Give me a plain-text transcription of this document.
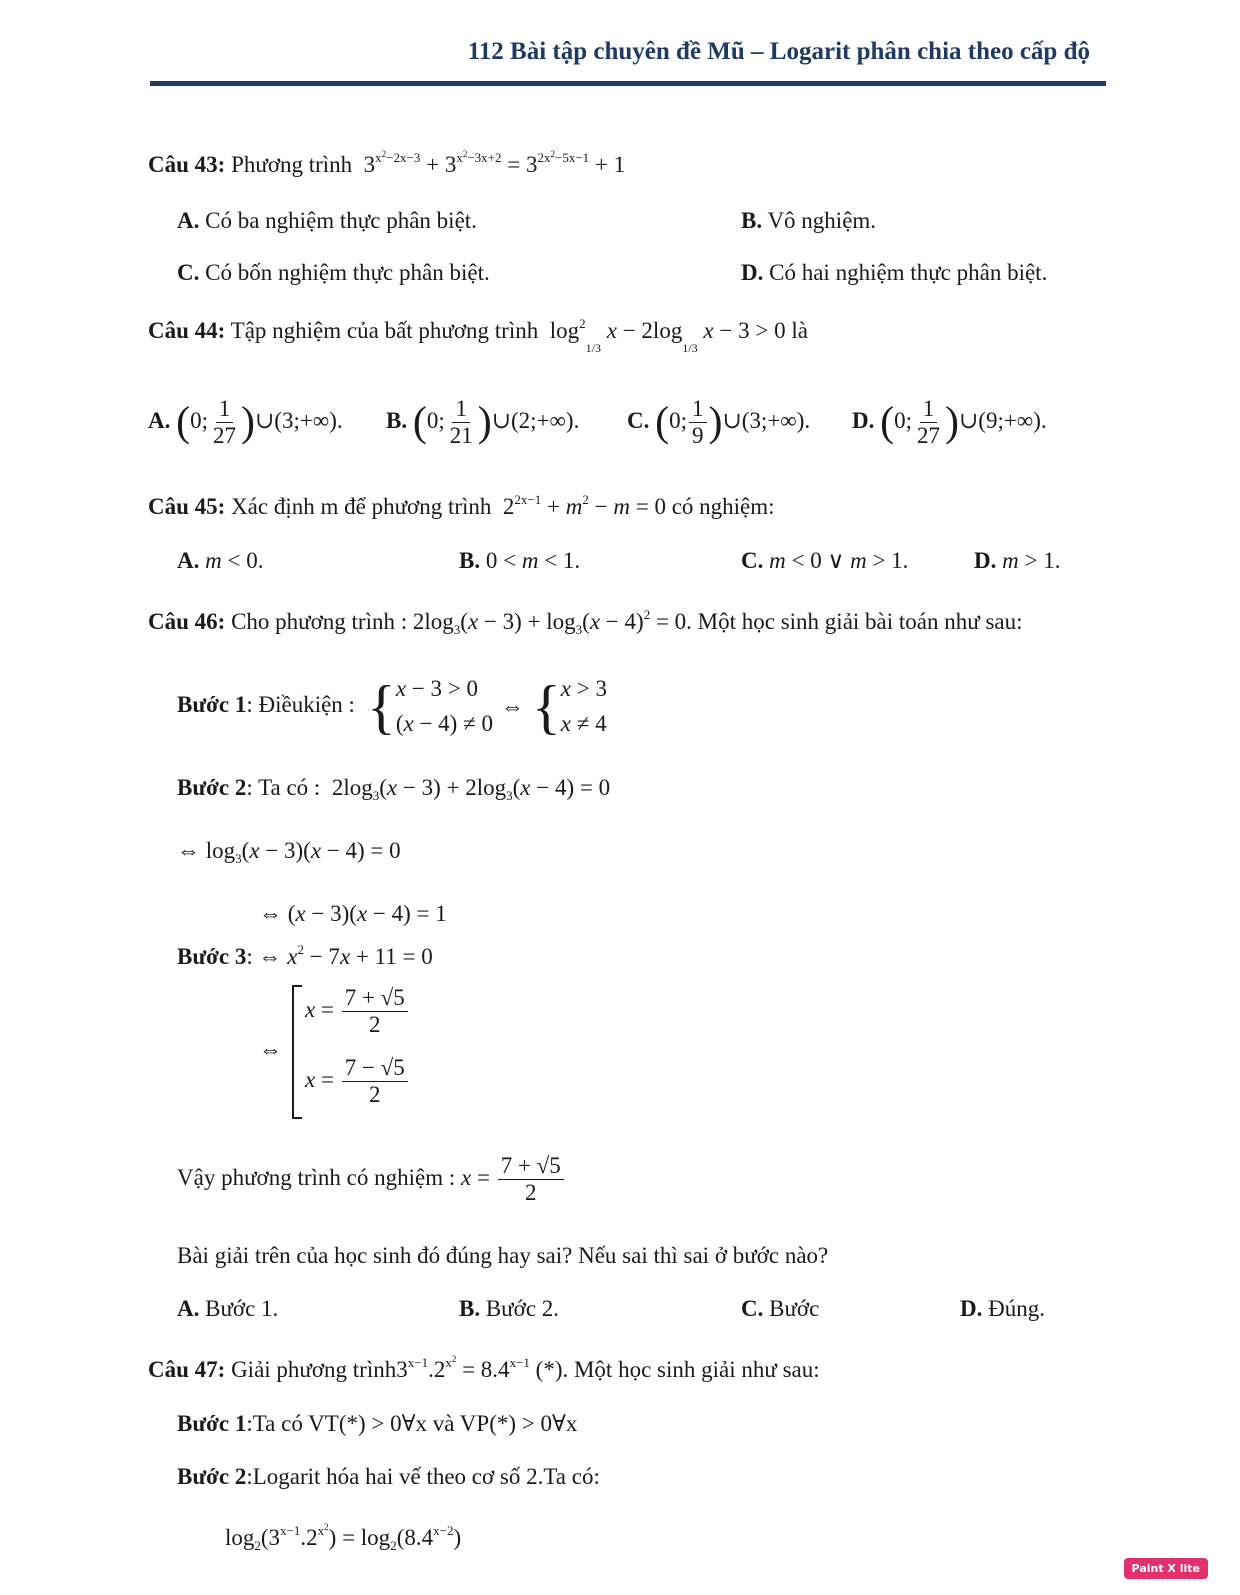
112 Bài tập chuyên đề Mũ – Logarit phân chia theo cấp độ
Câu 43: Phương trình  $3^{x^2-2x-3} + 3^{x^2-3x+2} = 3^{2x^2-5x-1} + 1$
A. Có ba nghiệm thực phân biệt.	B. Vô nghiệm.
C. Có bốn nghiệm thực phân biệt.	D. Có hai nghiệm thực phân biệt.
Câu 44: Tập nghiệm của bất phương trình  $\log^2_{1/3} x - 2\log_{1/3}$ x − 3 > 0 là
A. (0; $\frac{1}{27}$ )∪(3;+∞). B. (0; $\frac{1}{21}$ )∪(2;+∞). C. (0; $\frac{1}{9}$ )∪(3;+∞). D. (0; $\frac{1}{27}$ )∪(9;+∞).
Câu 45: Xác định m để phương trình  $2^{2x-1} + m^2 - m = 0$ có nghiệm:
A. m < 0.	B. 0 < m < 1.	C. m < 0 ∨ m > 1.	D. m > 1.
Câu 46: Cho phương trình : $2\log_3(x - 3) + \log_3(x - 4)^2 = 0$. Một học sinh giải bài toán như sau:
Bước 1: Điềukiện : { x − 3 > 0
(x − 4) ≠ 0
⇔ { x > 3
x ≠ 4
Bước 2: Ta có :  $2\log_3(x - 3) + 2\log_3(x - 4) = 0$
⇔ $\log_3(x - 3)(x - 4) = 0$
⇔ (x − 3)(x − 4) = 1
Bước 3: ⇔ $x^2 - 7x + 11 = 0$
⇔
$x = \frac{7 + √5}{2}$
$x = \frac{7 - √5}{2}$
Vậy phương trình có nghiệm : $x = \frac{7 + √5}{2}$
Bài giải trên của học sinh đó đúng hay sai? Nếu sai thì sai ở bước nào?
A. Bước 1.	B. Bước 2.	C. Bước	D. Đúng.
Câu 47: Giải phương $trình3^{x-1}.2^{x^2} = 8.4^{x-1}$ (*). Một học sinh giải như sau:
Bước 1:Ta có VT(*) > 0∀x và VP(*) > 0∀x
Bước 2:Logarit hóa hai vế theo cơ số 2.Ta có:
$\log_2(3^{x-1}.2^{x^2}) = \log_2(8.4^{x-2})$
Paint X lite
